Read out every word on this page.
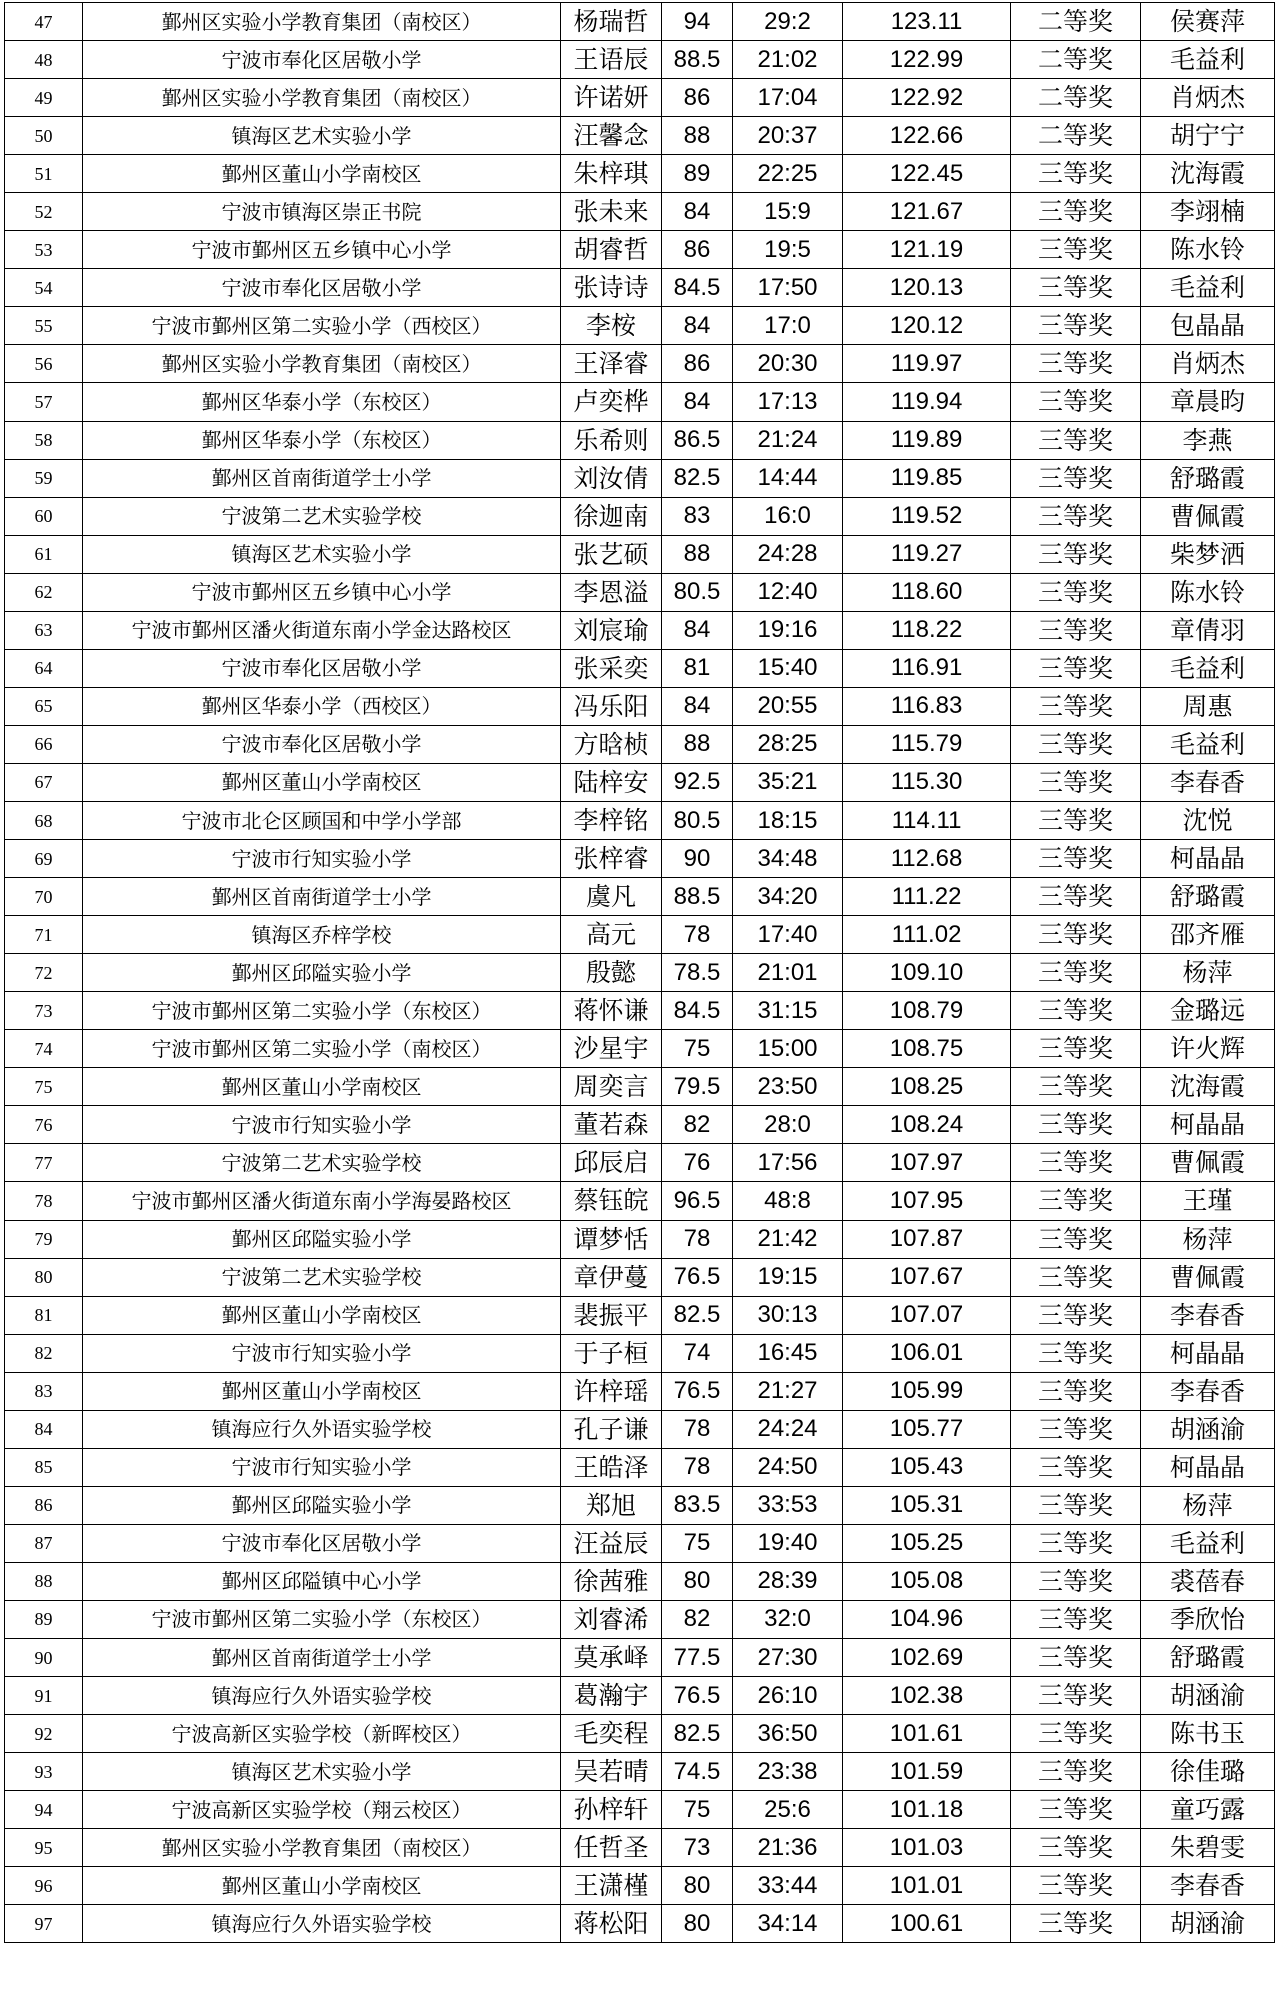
47	鄞州区实验小学教育集团（南校区）	杨瑞哲	94	29:2	123.11	二等奖	侯赛萍
48	宁波市奉化区居敬小学	王语辰	88.5	21:02	122.99	二等奖	毛益利
49	鄞州区实验小学教育集团（南校区）	许诺妍	86	17:04	122.92	二等奖	肖炳杰
50	镇海区艺术实验小学	汪馨念	88	20:37	122.66	二等奖	胡宁宁
51	鄞州区董山小学南校区	朱梓琪	89	22:25	122.45	三等奖	沈海霞
52	宁波市镇海区崇正书院	张未来	84	15:9	121.67	三等奖	李翊楠
53	宁波市鄞州区五乡镇中心小学	胡睿哲	86	19:5	121.19	三等奖	陈水铃
54	宁波市奉化区居敬小学	张诗诗	84.5	17:50	120.13	三等奖	毛益利
55	宁波市鄞州区第二实验小学（西校区）	李桉	84	17:0	120.12	三等奖	包晶晶
56	鄞州区实验小学教育集团（南校区）	王泽睿	86	20:30	119.97	三等奖	肖炳杰
57	鄞州区华泰小学（东校区）	卢奕桦	84	17:13	119.94	三等奖	章晨昀
58	鄞州区华泰小学（东校区）	乐希则	86.5	21:24	119.89	三等奖	李燕
59	鄞州区首南街道学士小学	刘汝倩	82.5	14:44	119.85	三等奖	舒璐霞
60	宁波第二艺术实验学校	徐迦南	83	16:0	119.52	三等奖	曹佩霞
61	镇海区艺术实验小学	张艺硕	88	24:28	119.27	三等奖	柴梦洒
62	宁波市鄞州区五乡镇中心小学	李恩溢	80.5	12:40	118.60	三等奖	陈水铃
63	宁波市鄞州区潘火街道东南小学金达路校区	刘宸瑜	84	19:16	118.22	三等奖	章倩羽
64	宁波市奉化区居敬小学	张采奕	81	15:40	116.91	三等奖	毛益利
65	鄞州区华泰小学（西校区）	冯乐阳	84	20:55	116.83	三等奖	周惠
66	宁波市奉化区居敬小学	方晗桢	88	28:25	115.79	三等奖	毛益利
67	鄞州区董山小学南校区	陆梓安	92.5	35:21	115.30	三等奖	李春香
68	宁波市北仑区顾国和中学小学部	李梓铭	80.5	18:15	114.11	三等奖	沈悦
69	宁波市行知实验小学	张梓睿	90	34:48	112.68	三等奖	柯晶晶
70	鄞州区首南街道学士小学	虞凡	88.5	34:20	111.22	三等奖	舒璐霞
71	镇海区乔梓学校	高元	78	17:40	111.02	三等奖	邵齐雁
72	鄞州区邱隘实验小学	殷懿	78.5	21:01	109.10	三等奖	杨萍
73	宁波市鄞州区第二实验小学（东校区）	蒋怀谦	84.5	31:15	108.79	三等奖	金璐远
74	宁波市鄞州区第二实验小学（南校区）	沙星宇	75	15:00	108.75	三等奖	许火辉
75	鄞州区董山小学南校区	周奕言	79.5	23:50	108.25	三等奖	沈海霞
76	宁波市行知实验小学	董若森	82	28:0	108.24	三等奖	柯晶晶
77	宁波第二艺术实验学校	邱辰启	76	17:56	107.97	三等奖	曹佩霞
78	宁波市鄞州区潘火街道东南小学海晏路校区	蔡钰皖	96.5	48:8	107.95	三等奖	王瑾
79	鄞州区邱隘实验小学	谭梦恬	78	21:42	107.87	三等奖	杨萍
80	宁波第二艺术实验学校	章伊蔓	76.5	19:15	107.67	三等奖	曹佩霞
81	鄞州区董山小学南校区	裴振平	82.5	30:13	107.07	三等奖	李春香
82	宁波市行知实验小学	于子桓	74	16:45	106.01	三等奖	柯晶晶
83	鄞州区董山小学南校区	许梓瑶	76.5	21:27	105.99	三等奖	李春香
84	镇海应行久外语实验学校	孔子谦	78	24:24	105.77	三等奖	胡涵渝
85	宁波市行知实验小学	王皓泽	78	24:50	105.43	三等奖	柯晶晶
86	鄞州区邱隘实验小学	郑旭	83.5	33:53	105.31	三等奖	杨萍
87	宁波市奉化区居敬小学	汪益辰	75	19:40	105.25	三等奖	毛益利
88	鄞州区邱隘镇中心小学	徐茜雅	80	28:39	105.08	三等奖	裘蓓春
89	宁波市鄞州区第二实验小学（东校区）	刘睿浠	82	32:0	104.96	三等奖	季欣怡
90	鄞州区首南街道学士小学	莫承峄	77.5	27:30	102.69	三等奖	舒璐霞
91	镇海应行久外语实验学校	葛瀚宇	76.5	26:10	102.38	三等奖	胡涵渝
92	宁波高新区实验学校（新晖校区）	毛奕程	82.5	36:50	101.61	三等奖	陈书玉
93	镇海区艺术实验小学	吴若晴	74.5	23:38	101.59	三等奖	徐佳璐
94	宁波高新区实验学校（翔云校区）	孙梓轩	75	25:6	101.18	三等奖	童巧露
95	鄞州区实验小学教育集团（南校区）	任哲圣	73	21:36	101.03	三等奖	朱碧雯
96	鄞州区董山小学南校区	王潇槿	80	33:44	101.01	三等奖	李春香
97	镇海应行久外语实验学校	蒋松阳	80	34:14	100.61	三等奖	胡涵渝
